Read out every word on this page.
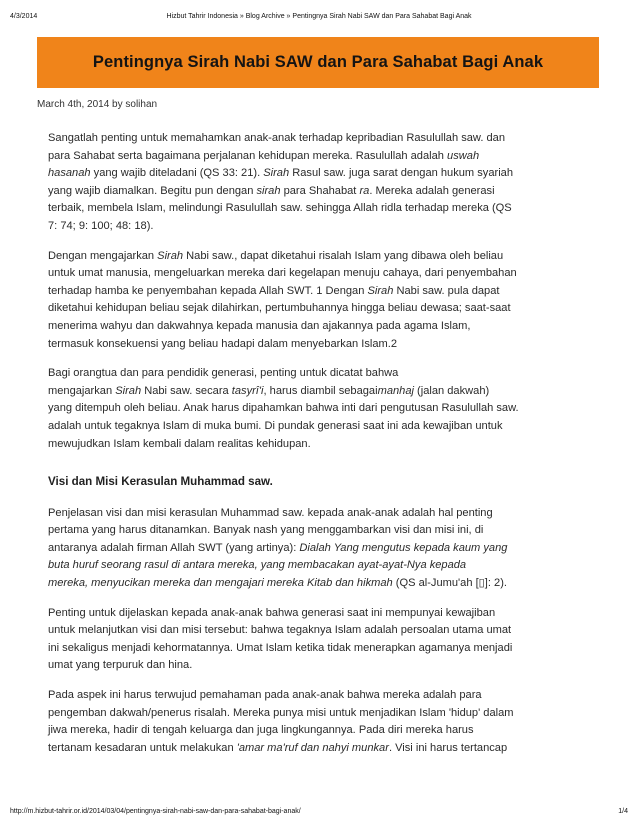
4/3/2014	Hizbut Tahrir Indonesia » Blog Archive » Pentingnya Sirah Nabi SAW dan Para Sahabat Bagi Anak
Pentingnya Sirah Nabi SAW dan Para Sahabat Bagi Anak
March 4th, 2014 by solihan

Sangatlah penting untuk memahamkan anak-anak terhadap kepribadian Rasulullah saw. dan
para Sahabat serta bagaimana perjalanan kehidupan mereka. Rasulullah adalah uswah
hasanah yang wajib diteladani (QS 33: 21). Sirah Rasul saw. juga sarat dengan hukum syariah
yang wajib diamalkan. Begitu pun dengan sirah para Shahabat ra. Mereka adalah generasi
terbaik, membela Islam, melindungi Rasulullah saw. sehingga Allah ridla terhadap mereka (QS
7: 74; 9: 100; 48: 18).

Dengan mengajarkan Sirah Nabi saw., dapat diketahui risalah Islam yang dibawa oleh beliau
untuk umat manusia, mengeluarkan mereka dari kegelapan menuju cahaya, dari penyembahan
terhadap hamba ke penyembahan kepada Allah SWT. 1 Dengan Sirah Nabi saw. pula dapat
diketahui kehidupan beliau sejak dilahirkan, pertumbuhannya hingga beliau dewasa; saat-saat
menerima wahyu dan dakwahnya kepada manusia dan ajakannya pada agama Islam,
termasuk konsekuensi yang beliau hadapi dalam menyebarkan Islam.2

Bagi orangtua dan para pendidik generasi, penting untuk dicatat bahwa
mengajarkan Sirah Nabi saw. secara tasyrî'i, harus diambil sebagaimanhaj (jalan dakwah)
yang ditempuh oleh beliau. Anak harus dipahamkan bahwa inti dari pengutusan Rasulullah saw.
adalah untuk tegaknya Islam di muka bumi. Di pundak generasi saat ini ada kewajiban untuk
mewujudkan Islam kembali dalam realitas kehidupan.

Visi dan Misi Kerasulan Muhammad saw.

Penjelasan visi dan misi kerasulan Muhammad saw. kepada anak-anak adalah hal penting
pertama yang harus ditanamkan. Banyak nash yang menggambarkan visi dan misi ini, di
antaranya adalah firman Allah SWT (yang artinya): Dialah Yang mengutus kepada kaum yang
buta huruf seorang rasul di antara mereka, yang membacakan ayat-ayat-Nya kepada
mereka, menyucikan mereka dan mengajari mereka Kitab dan hikmah (QS al-Jumu'ah [▯]: 2).

Penting untuk dijelaskan kepada anak-anak bahwa generasi saat ini mempunyai kewajiban
untuk melanjutkan visi dan misi tersebut: bahwa tegaknya Islam adalah persoalan utama umat
ini sekaligus menjadi kehormatannya. Umat Islam ketika tidak menerapkan agamanya menjadi
umat yang terpuruk dan hina.

Pada aspek ini harus terwujud pemahaman pada anak-anak bahwa mereka adalah para
pengemban dakwah/penerus risalah. Mereka punya misi untuk menjadikan Islam 'hidup' dalam
jiwa mereka, hadir di tengah keluarga dan juga lingkungannya. Pada diri mereka harus
tertanam kesadaran untuk melakukan 'amar ma'ruf dan nahyi munkar. Visi ini harus tertancap

http://m.hizbut-tahrir.or.id/2014/03/04/pentingnya-sirah-nabi-saw-dan-para-sahabat-bagi-anak/	1/4
